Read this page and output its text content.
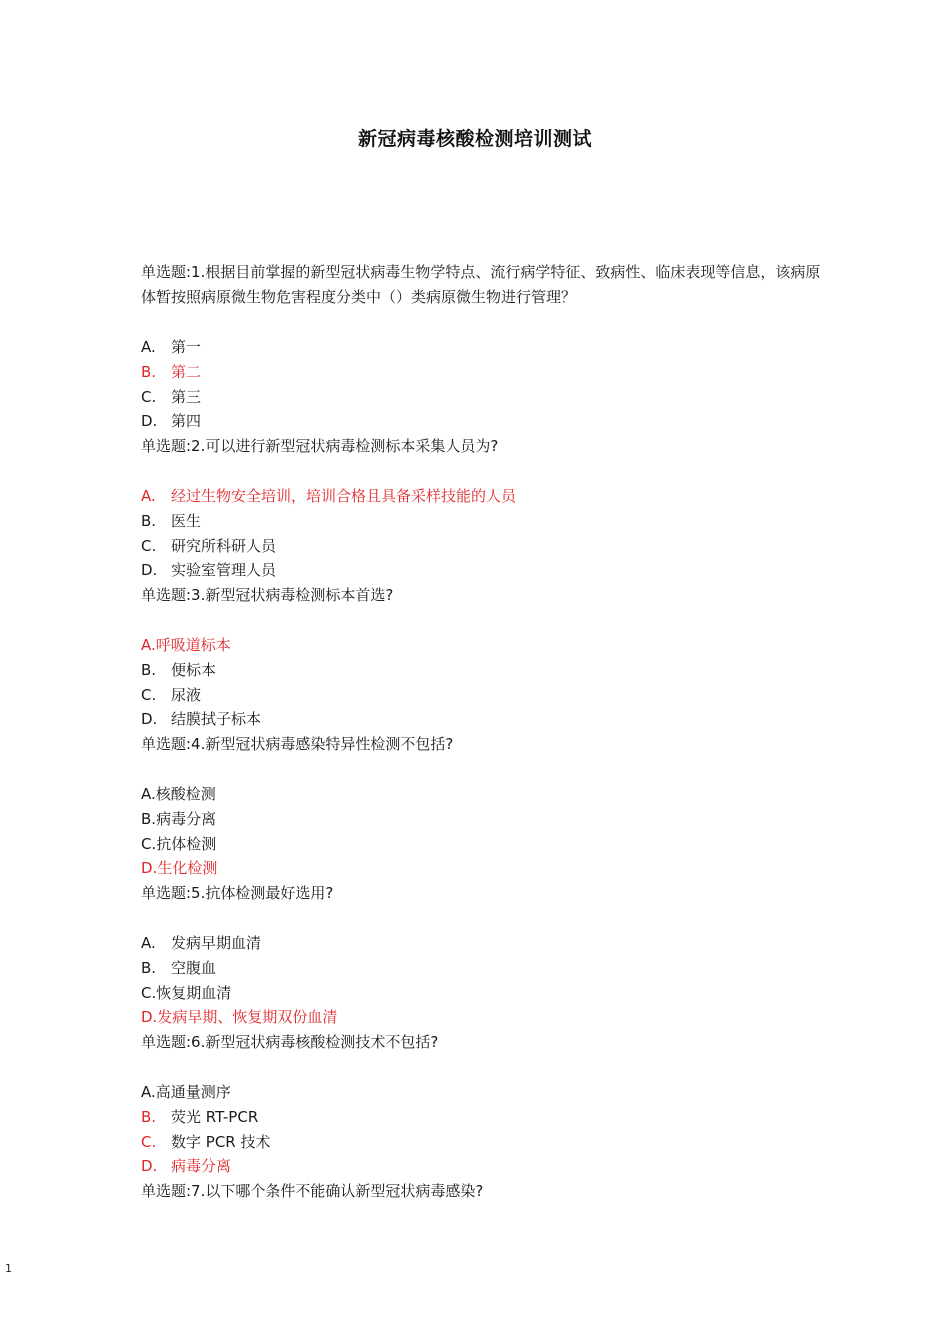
新冠病毒核酸检测培训测试

单选题:1.根据目前掌握的新型冠状病毒生物学特点、流行病学特征、致病性、临床表现等信息，该病原体暂按照病原微生物危害程度分类中（）类病原微生物进行管理？

A. 第一

B. 第二

C. 第三

D. 第四

单选题:2.可以进行新型冠状病毒检测标本采集人员为?

A. 经过生物安全培训，培训合格且具备采样技能的人员

B. 医生

C. 研究所科研人员

D. 实验室管理人员

单选题:3.新型冠状病毒检测标本首选?

A.呼吸道标本

B. 便标本

C. 尿液

D. 结膜拭子标本

单选题:4.新型冠状病毒感染特异性检测不包括?

A.核酸检测

B.病毒分离

C.抗体检测

D.生化检测

单选题:5.抗体检测最好选用?

A. 发病早期血清

B. 空腹血

C.恢复期血清

D.发病早期、恢复期双份血清

单选题:6.新型冠状病毒核酸检测技术不包括?

A.高通量测序

B. 荧光 RT-PCR

C. 数字 PCR 技术

D. 病毒分离

单选题:7.以下哪个条件不能确认新型冠状病毒感染?

1
